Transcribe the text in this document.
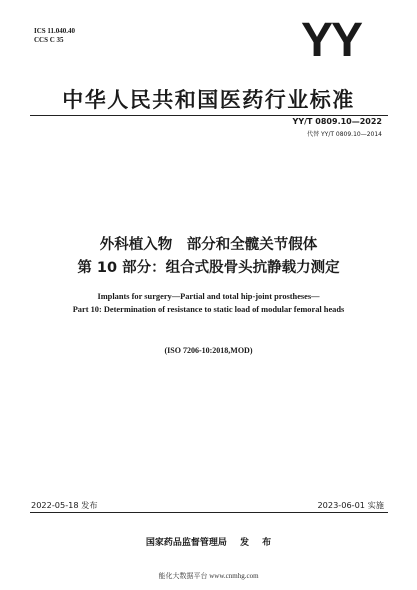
ICS 11.040.40
CCS C 35	YY
中华人民共和国医药行业标准
YY/T 0809.10—2022
代替 YY/T 0809.10—2014
外科植入物　部分和全髋关节假体
第 10 部分：组合式股骨头抗静载力测定
Implants for surgery—Partial and total hip-joint prostheses—
Part 10: Determination of resistance to static load of modular femoral heads
(ISO 7206-10:2018,MOD)
2022-05-18 发布	2023-06-01 实施
国家药品监督管理局 发 布
能化大数据平台 www.cnmhg.com
